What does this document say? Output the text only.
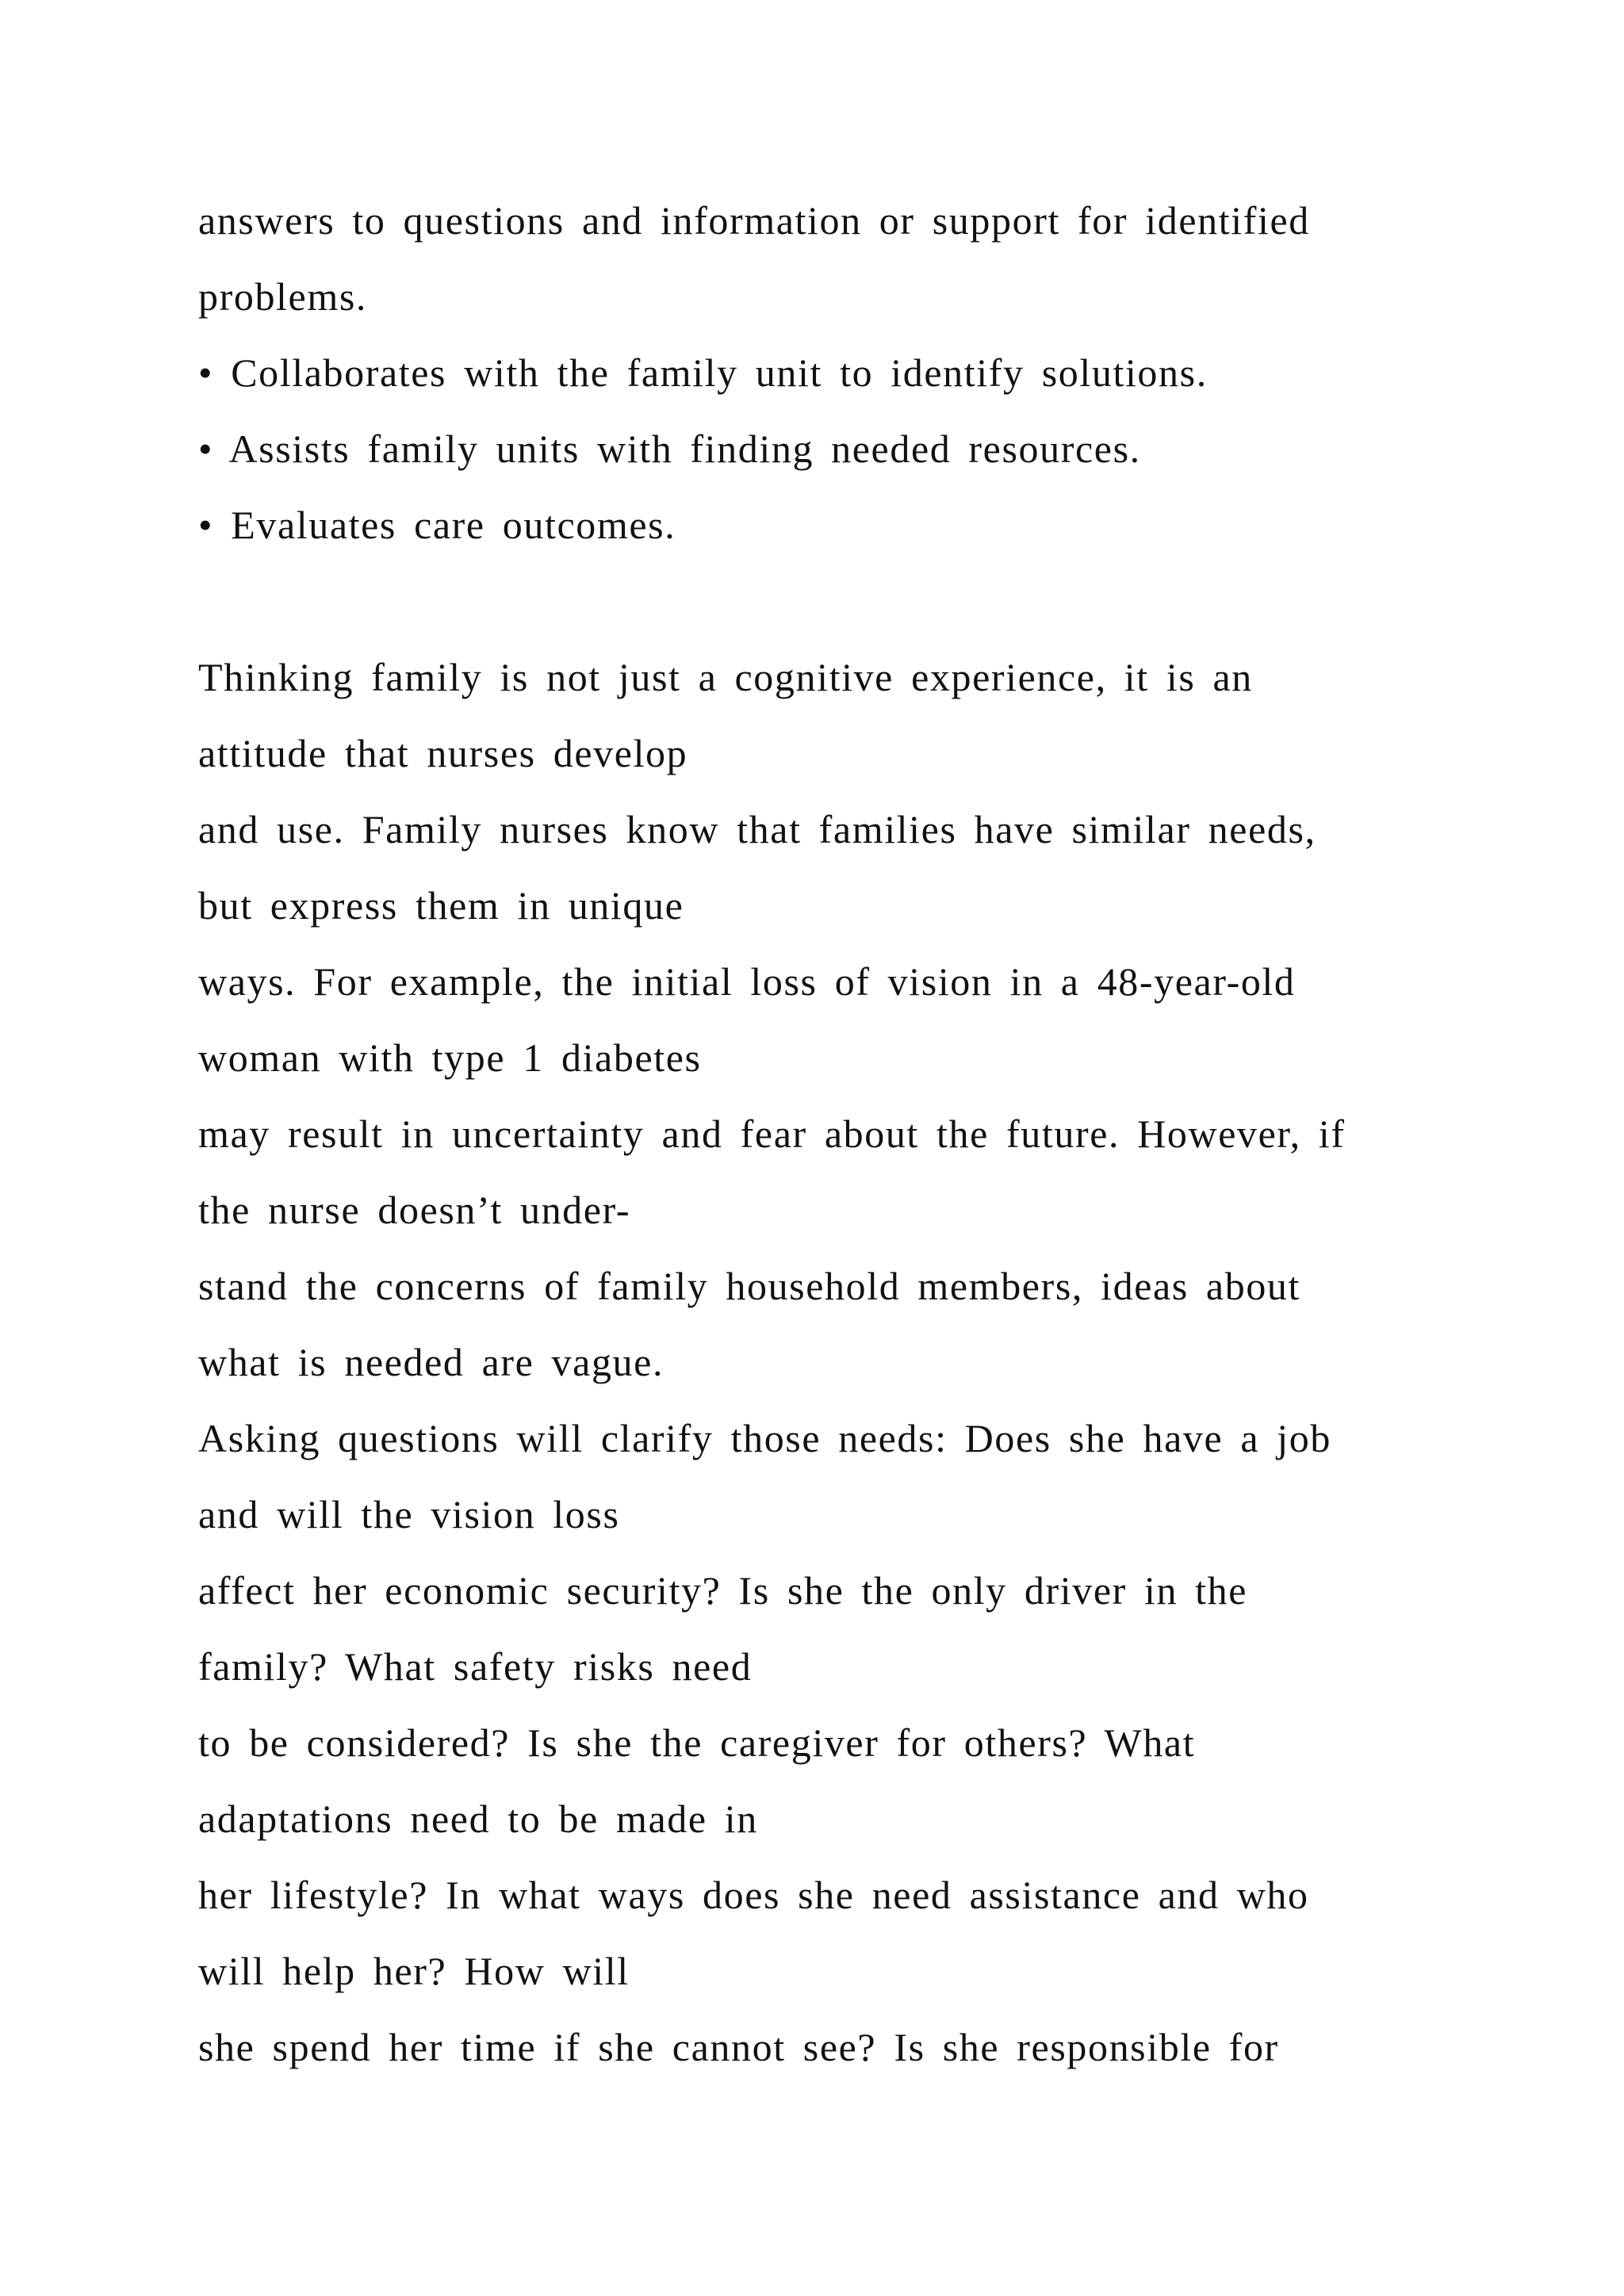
answers to questions and information or support for identified
problems.
• Collaborates with the family unit to identify solutions.
• Assists family units with finding needed resources.
• Evaluates care outcomes.
Thinking family is not just a cognitive experience, it is an
attitude that nurses develop
and use. Family nurses know that families have similar needs,
but express them in unique
ways. For example, the initial loss of vision in a 48-year-old
woman with type 1 diabetes
may result in uncertainty and fear about the future. However, if
the nurse doesn’t under-
stand the concerns of family household members, ideas about
what is needed are vague.
Asking questions will clarify those needs: Does she have a job
and will the vision loss
affect her economic security? Is she the only driver in the
family? What safety risks need
to be considered? Is she the caregiver for others? What
adaptations need to be made in
her lifestyle? In what ways does she need assistance and who
will help her? How will
she spend her time if she cannot see? Is she responsible for
